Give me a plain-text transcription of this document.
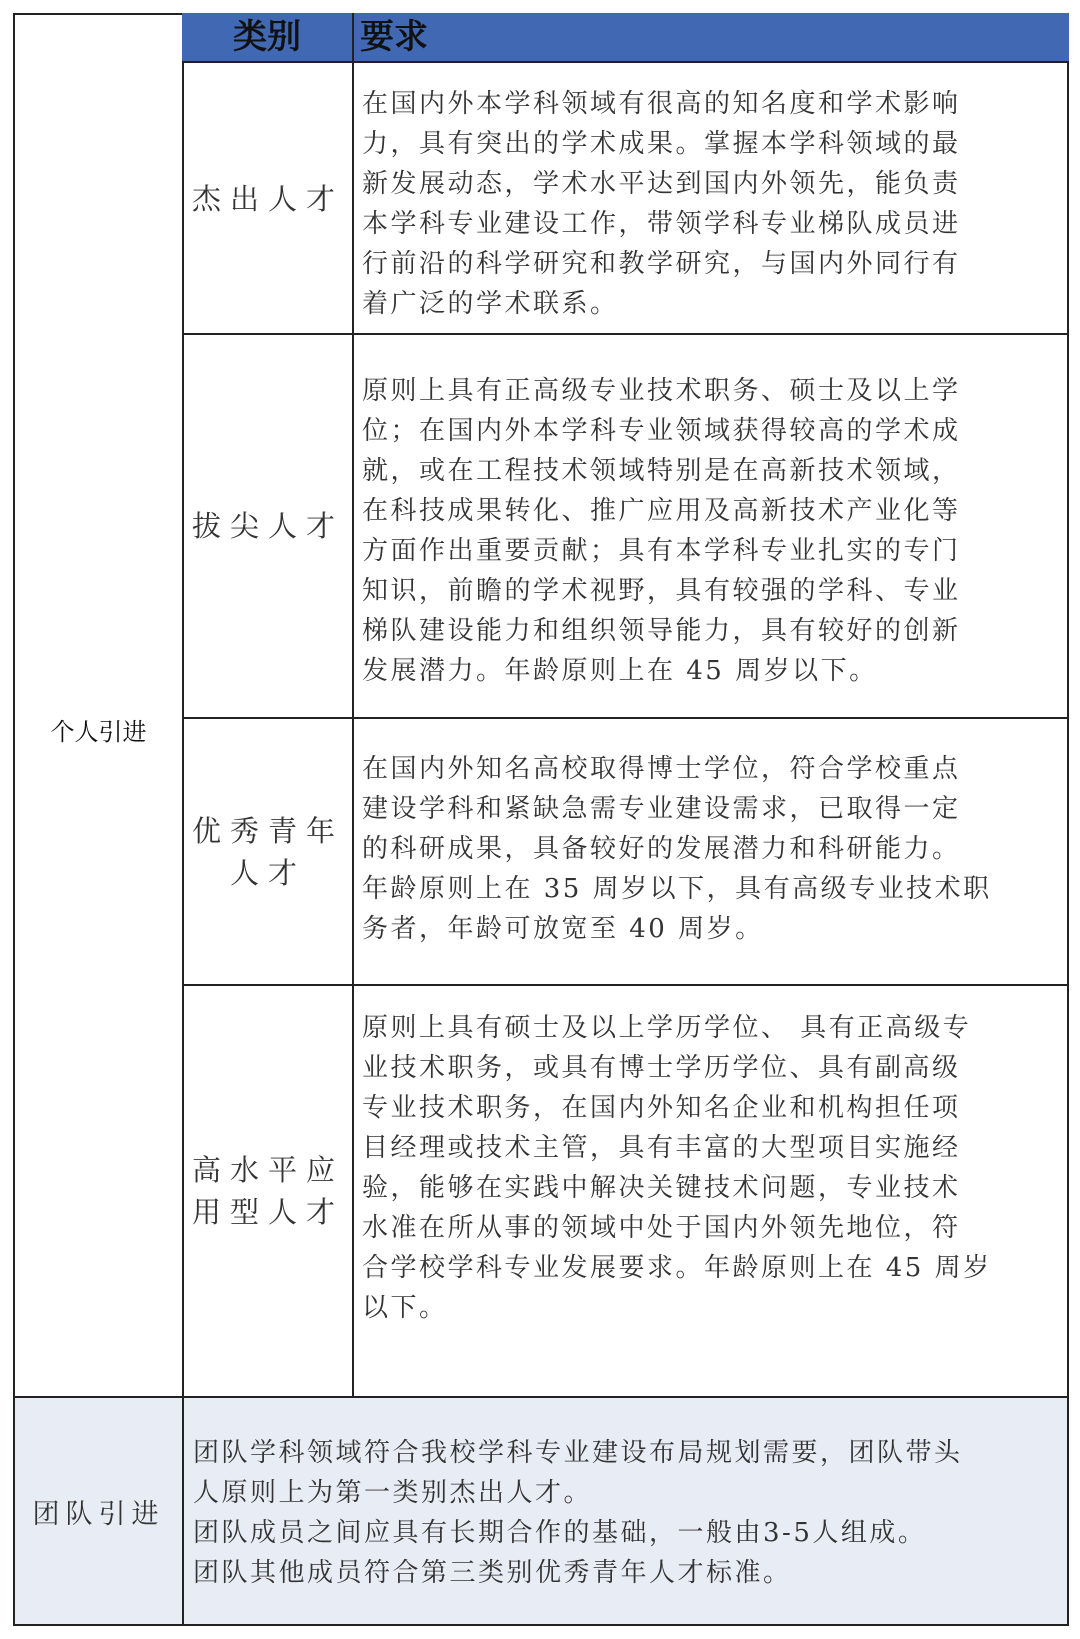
类别	要求
个人引进
杰出人才

在国内外本学科领域有很高的知名度和学术影响
力，具有突出的学术成果。掌握本学科领域的最
新发展动态，学术水平达到国内外领先，能负责
本学科专业建设工作，带领学科专业梯队成员进
行前沿的科学研究和教学研究，与国内外同行有
着广泛的学术联系。

拔尖人才

原则上具有正高级专业技术职务、硕士及以上学
位；在国内外本学科专业领域获得较高的学术成
就，或在工程技术领域特别是在高新技术领域，
在科技成果转化、推广应用及高新技术产业化等
方面作出重要贡献；具有本学科专业扎实的专门
知识，前瞻的学术视野，具有较强的学科、专业
梯队建设能力和组织领导能力，具有较好的创新
发展潜力。年龄原则上在 45 周岁以下。

优秀青年
人才

在国内外知名高校取得博士学位，符合学校重点
建设学科和紧缺急需专业建设需求，已取得一定
的科研成果，具备较好的发展潜力和科研能力。
年龄原则上在 35 周岁以下，具有高级专业技术职
务者，年龄可放宽至 40 周岁。

高水平应
用型人才

原则上具有硕士及以上学历学位、 具有正高级专
业技术职务，或具有博士学历学位、具有副高级
专业技术职务，在国内外知名企业和机构担任项
目经理或技术主管，具有丰富的大型项目实施经
验，能够在实践中解决关键技术问题，专业技术
水准在所从事的领域中处于国内外领先地位，符
合学校学科专业发展要求。年龄原则上在 45 周岁
以下。

团队引进

团队学科领域符合我校学科专业建设布局规划需要，团队带头
人原则上为第一类别杰出人才。

团队成员之间应具有长期合作的基础，一般由3-5人组成。

团队其他成员符合第三类别优秀青年人才标准。
